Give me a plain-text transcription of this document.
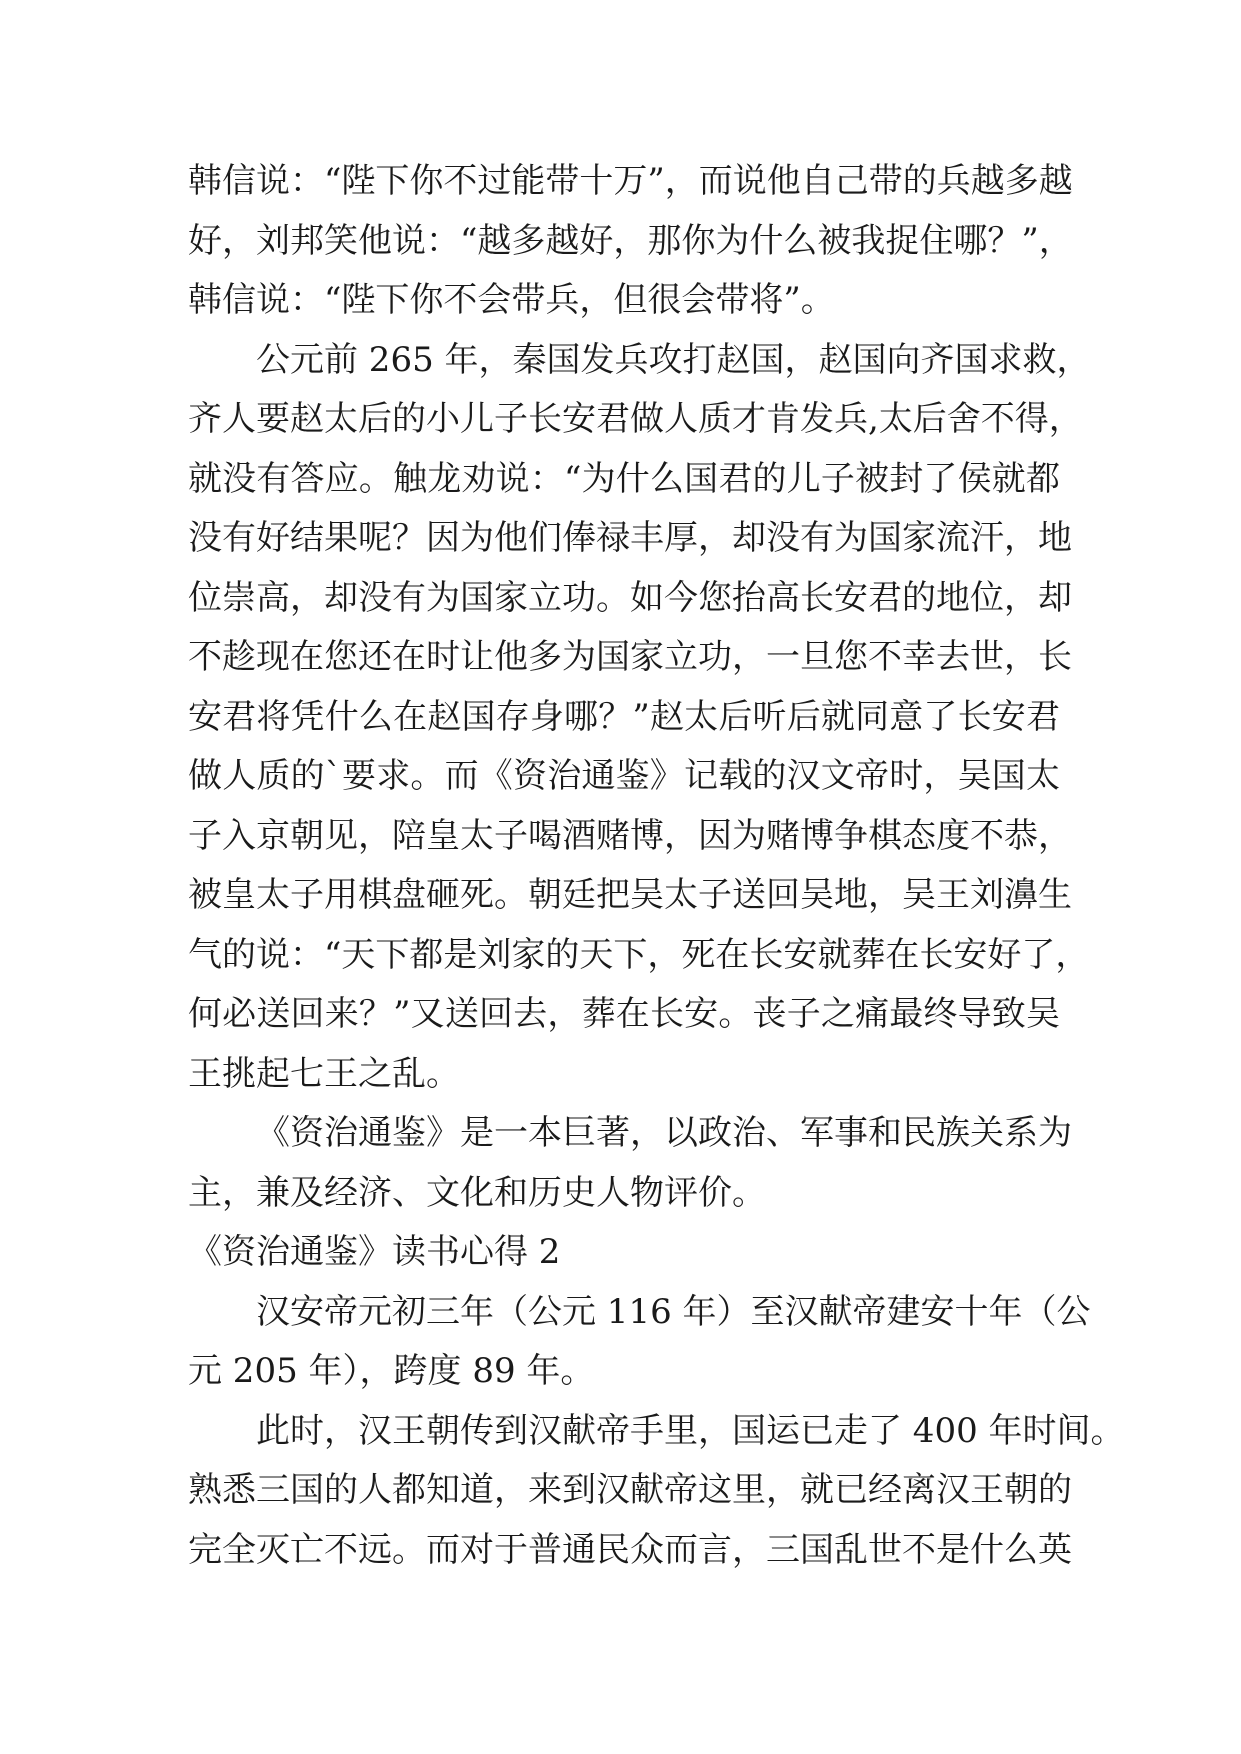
韩信说：“陛下你不过能带十万”，而说他自己带的兵越多越
好，刘邦笑他说：“越多越好，那你为什么被我捉住哪？”，
韩信说：“陛下你不会带兵，但很会带将”。
公元前 265 年，秦国发兵攻打赵国，赵国向齐国求救，
齐人要赵太后的小儿子长安君做人质才肯发兵,太后舍不得，
就没有答应。触龙劝说：“为什么国君的儿子被封了侯就都
没有好结果呢？因为他们俸禄丰厚，却没有为国家流汗，地
位崇高，却没有为国家立功。如今您抬高长安君的地位，却
不趁现在您还在时让他多为国家立功，一旦您不幸去世，长
安君将凭什么在赵国存身哪？”赵太后听后就同意了长安君
做人质的`要求。而《资治通鉴》记载的汉文帝时，吴国太
子入京朝见，陪皇太子喝酒赌博，因为赌博争棋态度不恭，
被皇太子用棋盘砸死。朝廷把吴太子送回吴地，吴王刘濞生
气的说：“天下都是刘家的天下，死在长安就葬在长安好了，
何必送回来？”又送回去，葬在长安。丧子之痛最终导致吴
王挑起七王之乱。
《资治通鉴》是一本巨著，以政治、军事和民族关系为
主，兼及经济、文化和历史人物评价。
《资治通鉴》读书心得 2
汉安帝元初三年（公元 116 年）至汉献帝建安十年（公
元 205 年），跨度 89 年。
此时，汉王朝传到汉献帝手里，国运已走了 400 年时间。
熟悉三国的人都知道，来到汉献帝这里，就已经离汉王朝的
完全灭亡不远。而对于普通民众而言，三国乱世不是什么英
